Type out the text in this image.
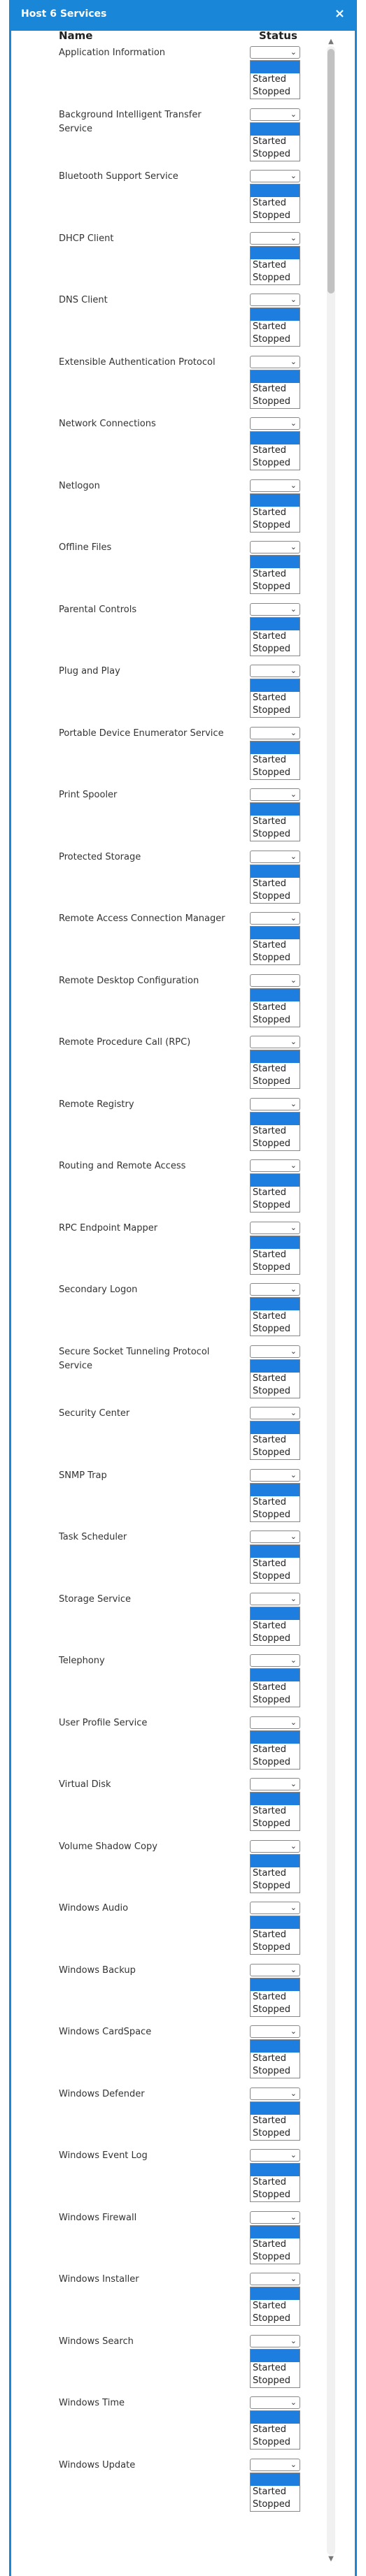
Host 6 Services	×
Name	Status
Application Information	⌄
Started
Stopped
Background Intelligent Transfer Service
⌄
Started
Stopped
Bluetooth Support Service	⌄
Started
Stopped
DHCP Client	⌄
Started
Stopped
DNS Client	⌄
Started
Stopped
Extensible Authentication Protocol	⌄
Started
Stopped
Network Connections	⌄
Started
Stopped
Netlogon	⌄
Started
Stopped
Offline Files	⌄
Started
Stopped
Parental Controls	⌄
Started
Stopped
Plug and Play	⌄
Started
Stopped
Portable Device Enumerator Service	⌄
Started
Stopped
Print Spooler	⌄
Started
Stopped
Protected Storage	⌄
Started
Stopped
Remote Access Connection Manager	⌄
Started
Stopped
Remote Desktop Configuration	⌄
Started
Stopped
Remote Procedure Call (RPC)	⌄
Started
Stopped
Remote Registry	⌄
Started
Stopped
Routing and Remote Access	⌄
Started
Stopped
RPC Endpoint Mapper	⌄
Started
Stopped
Secondary Logon	⌄
Started
Stopped
Secure Socket Tunneling Protocol Service
⌄
Started
Stopped
Security Center	⌄
Started
Stopped
SNMP Trap	⌄
Started
Stopped
Task Scheduler	⌄
Started
Stopped
Storage Service	⌄
Started
Stopped
Telephony	⌄
Started
Stopped
User Profile Service	⌄
Started
Stopped
Virtual Disk	⌄
Started
Stopped
Volume Shadow Copy	⌄
Started
Stopped
Windows Audio	⌄
Started
Stopped
Windows Backup	⌄
Started
Stopped
Windows CardSpace	⌄
Started
Stopped
Windows Defender	⌄
Started
Stopped
Windows Event Log	⌄
Started
Stopped
Windows Firewall	⌄
Started
Stopped
Windows Installer	⌄
Started
Stopped
Windows Search	⌄
Started
Stopped
Windows Time	⌄
Started
Stopped
Windows Update	⌄
Started
Stopped
▲
▼
